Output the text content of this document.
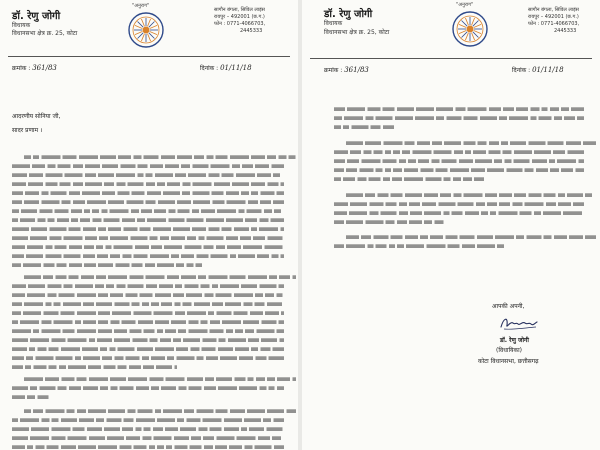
डॉ. रेणु जोगी
विधायक
विधानसभा क्षेत्र क्र. 25, कोटा
"अनुराग"
सागौन बंगला, सिविल लाइंस
रायपुर – 492001 (छ.ग.)
फोन : 0771-4066703,
2445333
क्रमांक : 361/83	दिनांक : 01/11/18
आदरणीय सोनिया जी,
सादर प्रणाम ।
डॉ. रेणु जोगी
विधायक
विधानसभा क्षेत्र क्र. 25, कोटा
"अनुराग"
सागौन बंगला, सिविल लाइंस
रायपुर – 492001 (छ.ग.)
फोन : 0771-4066703,
2445333
क्रमांक : 361/83	दिनांक : 01/11/18
आपकी अपनी,
डॉ. रेणु जोगी
(विधायिका)
कोटा विधानसभा, छत्तीसगढ़
